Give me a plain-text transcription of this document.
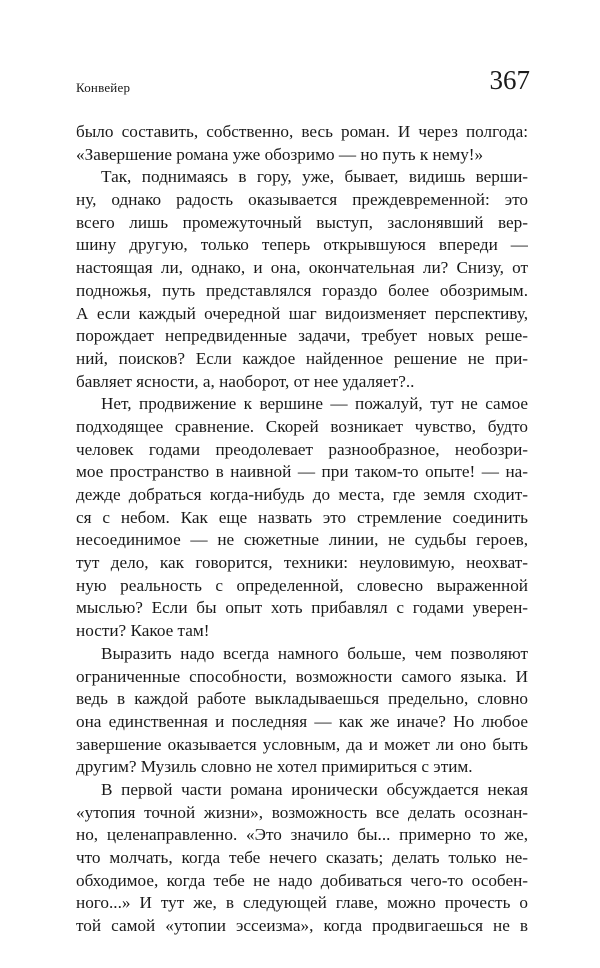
Конвейер	367
было составить, собственно, весь роман. И через полгода:
«Завершение романа уже обозримо — но путь к нему!»
Так, поднимаясь в гору, уже, бывает, видишь верши-
ну, однако радость оказывается преждевременной: это
всего лишь промежуточный выступ, заслонявший вер-
шину другую, только теперь открывшуюся впереди —
настоящая ли, однако, и она, окончательная ли? Снизу, от
подножья, путь представлялся гораздо более обозримым.
А если каждый очередной шаг видоизменяет перспективу,
порождает непредвиденные задачи, требует новых реше-
ний, поисков? Если каждое найденное решение не при-
бавляет ясности, а, наоборот, от нее удаляет?..
Нет, продвижение к вершине — пожалуй, тут не самое
подходящее сравнение. Скорей возникает чувство, будто
человек годами преодолевает разнообразное, необозри-
мое пространство в наивной — при таком-то опыте! — на-
дежде добраться когда-нибудь до места, где земля сходит-
ся с небом. Как еще назвать это стремление соединить
несоединимое — не сюжетные линии, не судьбы героев,
тут дело, как говорится, техники: неуловимую, неохват-
ную реальность с определенной, словесно выраженной
мыслью? Если бы опыт хоть прибавлял с годами уверен-
ности? Какое там!
Выразить надо всегда намного больше, чем позволяют
ограниченные способности, возможности самого языка. И
ведь в каждой работе выкладываешься предельно, словно
она единственная и последняя — как же иначе? Но любое
завершение оказывается условным, да и может ли оно быть
другим? Музиль словно не хотел примириться с этим.
В первой части романа иронически обсуждается некая
«утопия точной жизни», возможность все делать осознан-
но, целенаправленно. «Это значило бы... примерно то же,
что молчать, когда тебе нечего сказать; делать только не-
обходимое, когда тебе не надо добиваться чего-то особен-
ного...» И тут же, в следующей главе, можно прочесть о
той самой «утопии эссеизма», когда продвигаешься не в
